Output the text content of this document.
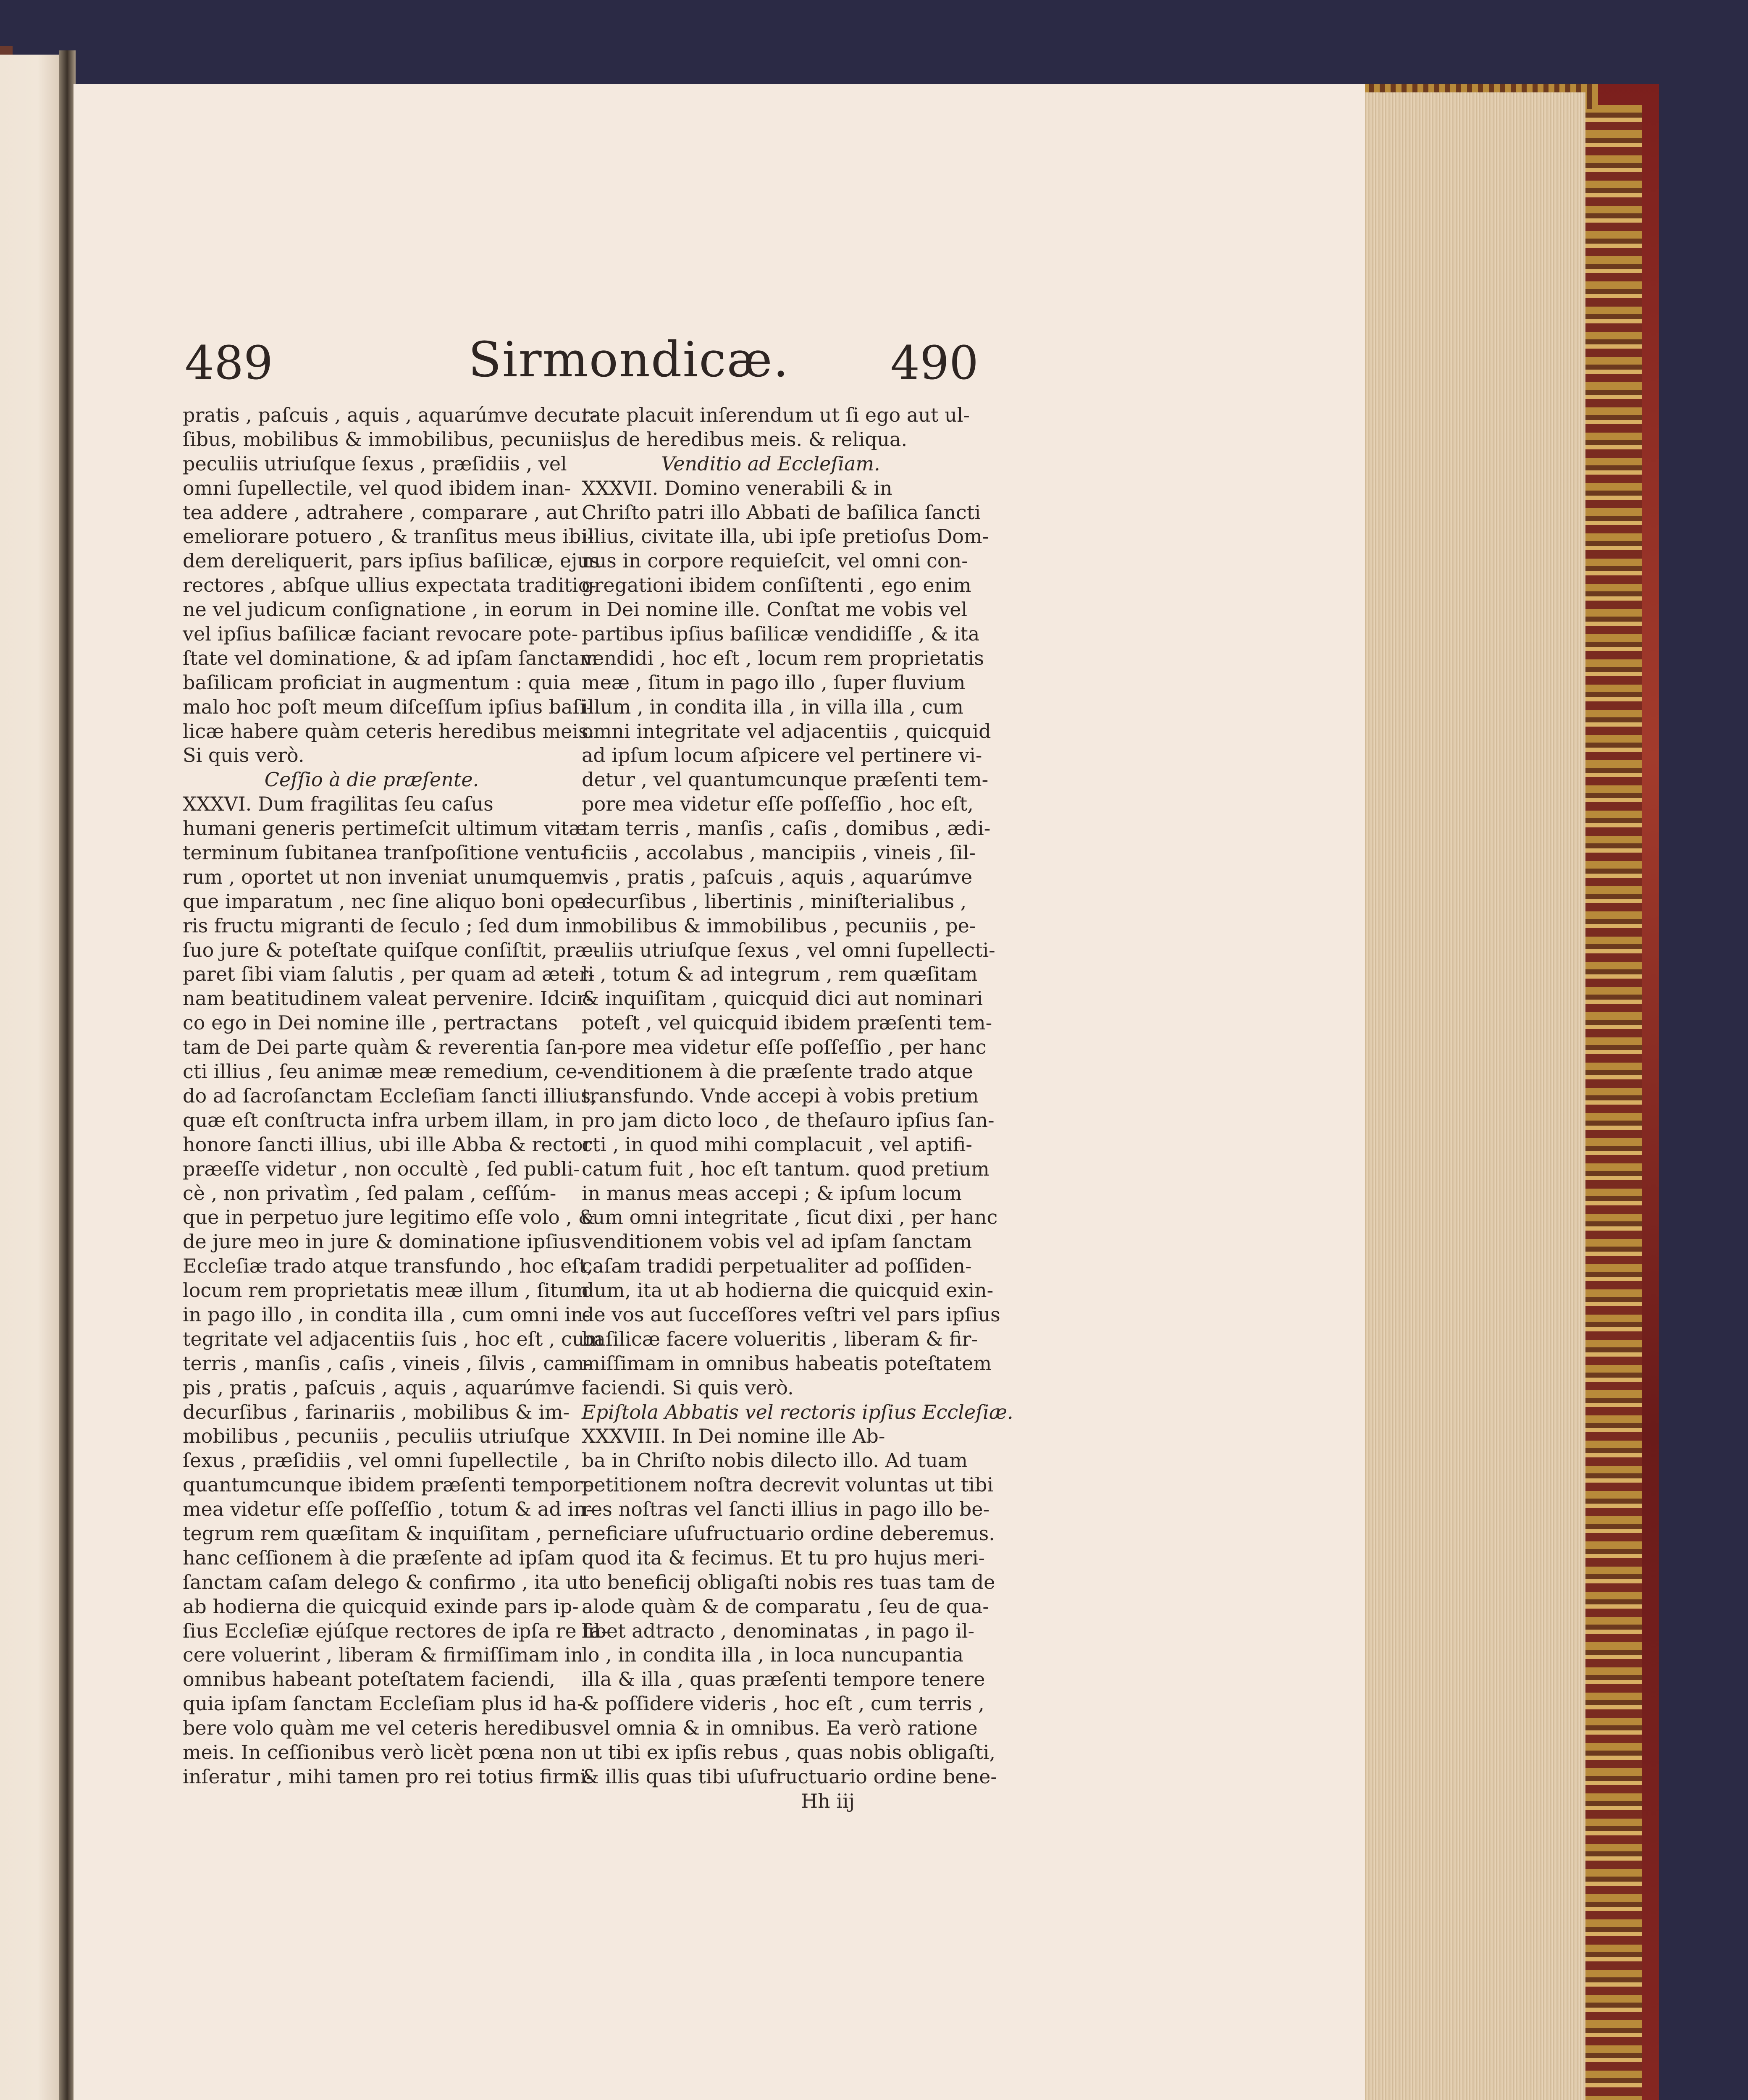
489	Sirmondicæ. 490
pratis , paſcuis , aquis , aquarúmve decur-
ſibus, mobilibus & immobilibus, pecuniis,
peculiis utriuſque ſexus , præſidiis , vel
omni ſupellectile, vel quod ibidem inan-
tea addere , adtrahere , comparare , aut
emeliorare potuero , & tranſitus meus ibi-
dem dereliquerit, pars ipſius baſilicæ, ejus
rectores , abſque ullius expectata traditio-
ne vel judicum conſignatione , in eorum
vel ipſius baſilicæ faciant revocare pote-
ſtate vel dominatione, & ad ipſam ſanctam
baſilicam proficiat in augmentum : quia
malo hoc poſt meum diſceſſum ipſius baſi-
licæ habere quàm ceteris heredibus meis.
Si quis verò.
Ceſſio à die præſente.
XXXVI. Dum fragilitas ſeu caſus
humani generis pertimeſcit ultimum vitæ
terminum ſubitanea tranſpoſitione ventu-
rum , oportet ut non inveniat unumquem-
que imparatum , nec ſine aliquo boni ope-
ris fructu migranti de ſeculo ; ſed dum in
ſuo jure & poteſtate quiſque conſiſtit, præ-
paret ſibi viam ſalutis , per quam ad æter-
nam beatitudinem valeat pervenire. Idcir-
co ego in Dei nomine ille , pertractans
tam de Dei parte quàm & reverentia ſan-
cti illius , ſeu animæ meæ remedium, ce-
do ad ſacroſanctam Eccleſiam ſancti illius,
quæ eſt conſtructa infra urbem illam, in
honore ſancti illius, ubi ille Abba & rector
præeſſe videtur , non occultè , ſed publi-
cè , non privatìm , ſed palam , ceſſúm-
que in perpetuo jure legitimo eſſe volo , &
de jure meo in jure & dominatione ipſius
Eccleſiæ trado atque transfundo , hoc eſt,
locum rem proprietatis meæ illum , ſitum
in pago illo , in condita illa , cum omni in-
tegritate vel adjacentiis ſuis , hoc eſt , cum
terris , manſis , caſis , vineis , ſilvis , cam-
pis , pratis , paſcuis , aquis , aquarúmve
decurſibus , farinariis , mobilibus & im-
mobilibus , pecuniis , peculiis utriuſque
ſexus , præſidiis , vel omni ſupellectile ,
quantumcunque ibidem præſenti tempore
mea videtur eſſe poſſeſſio , totum & ad in-
tegrum rem quæſitam & inquiſitam , per
hanc ceſſionem à die præſente ad ipſam
ſanctam caſam delego & confirmo , ita ut
ab hodierna die quicquid exinde pars ip-
ſius Eccleſiæ ejúſque rectores de ipſa re fa-
cere voluerint , liberam & firmiſſimam in
omnibus habeant poteſtatem faciendi,
quia ipſam ſanctam Eccleſiam plus id ha-
bere volo quàm me vel ceteris heredibus
meis. In ceſſionibus verò licèt pœna non
inſeratur , mihi tamen pro rei totius firmi-
tate placuit inſerendum ut ſi ego aut ul-
lus de heredibus meis. & reliqua.
Venditio ad Eccleſiam.
XXXVII. Domino venerabili & in
Chriſto patri illo Abbati de baſilica ſancti
illius, civitate illa, ubi ipſe pretioſus Dom-
nus in corpore requieſcit, vel omni con-
gregationi ibidem conſiſtenti , ego enim
in Dei nomine ille. Conſtat me vobis vel
partibus ipſius baſilicæ vendidiſſe , & ita
vendidi , hoc eſt , locum rem proprietatis
meæ , ſitum in pago illo , ſuper fluvium
illum , in condita illa , in villa illa , cum
omni integritate vel adjacentiis , quicquid
ad ipſum locum aſpicere vel pertinere vi-
detur , vel quantumcunque præſenti tem-
pore mea videtur eſſe poſſeſſio , hoc eſt,
tam terris , manſis , caſis , domibus , ædi-
ficiis , accolabus , mancipiis , vineis , ſil-
vis , pratis , paſcuis , aquis , aquarúmve
decurſibus , libertinis , miniſterialibus ,
mobilibus & immobilibus , pecuniis , pe-
culiis utriuſque ſexus , vel omni ſupellecti-
li , totum & ad integrum , rem quæſitam
& inquiſitam , quicquid dici aut nominari
poteſt , vel quicquid ibidem præſenti tem-
pore mea videtur eſſe poſſeſſio , per hanc
venditionem à die præſente trado atque
transfundo. Vnde accepi à vobis pretium
pro jam dicto loco , de theſauro ipſius ſan-
cti , in quod mihi complacuit , vel aptifi-
catum fuit , hoc eſt tantum. quod pretium
in manus meas accepi ; & ipſum locum
cum omni integritate , ſicut dixi , per hanc
venditionem vobis vel ad ipſam ſanctam
caſam tradidi perpetualiter ad poſſiden-
dum, ita ut ab hodierna die quicquid exin-
de vos aut ſucceſſores veſtri vel pars ipſius
baſilicæ facere volueritis , liberam & fir-
miſſimam in omnibus habeatis poteſtatem
faciendi. Si quis verò.
Epiſtola Abbatis vel rectoris ipſius Eccleſiæ.
XXXVIII. In Dei nomine ille Ab-
ba in Chriſto nobis dilecto illo. Ad tuam
petitionem noſtra decrevit voluntas ut tibi
res noſtras vel ſancti illius in pago illo be-
neficiare uſufructuario ordine deberemus.
quod ita & fecimus. Et tu pro hujus meri-
to beneficij obligaſti nobis res tuas tam de
alode quàm & de comparatu , ſeu de qua-
libet adtracto , denominatas , in pago il-
lo , in condita illa , in loca nuncupantia
illa & illa , quas præſenti tempore tenere
& poſſidere videris , hoc eſt , cum terris ,
vel omnia & in omnibus. Ea verò ratione
ut tibi ex ipſis rebus , quas nobis obligaſti,
& illis quas tibi uſufructuario ordine bene-
Hh iij
